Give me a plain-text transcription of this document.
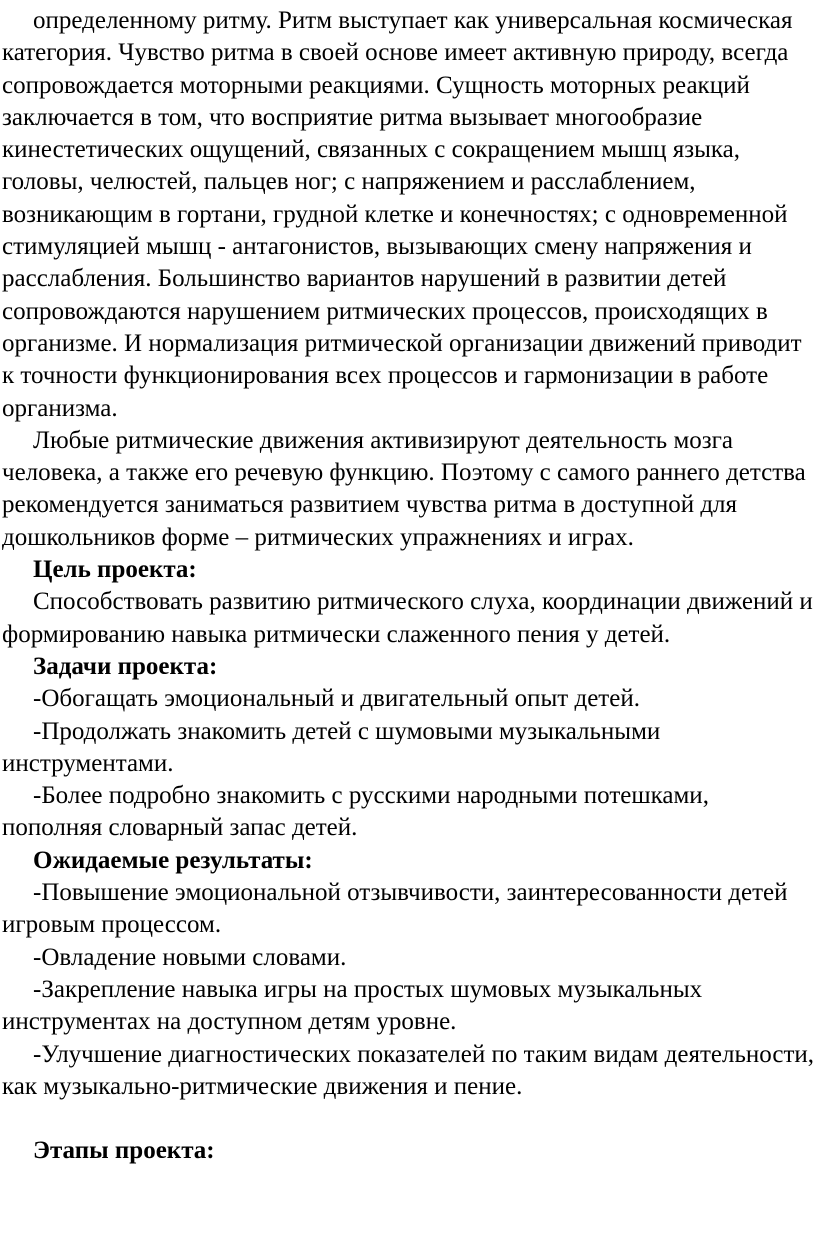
определенному ритму. Ритм выступает как универсальная космическая категория. Чувство ритма в своей основе имеет активную природу, всегда сопровождается моторными реакциями. Сущность моторных реакций заключается в том, что восприятие ритма вызывает многообразие кинестетических ощущений, связанных с сокращением мышц языка, головы, челюстей, пальцев ног; с напряжением и расслаблением, возникающим в гортани, грудной клетке и конечностях; с одновременной стимуляцией мышц - антагонистов, вызывающих смену напряжения и расслабления. Большинство вариантов нарушений в развитии детей сопровождаются нарушением ритмических процессов, происходящих в организме. И нормализация ритмической организации движений приводит к точности функционирования всех процессов и гармонизации в работе организма.

Любые ритмические движения активизируют деятельность мозга человека, а также его речевую функцию. Поэтому с самого раннего детства рекомендуется заниматься развитием чувства ритма в доступной для дошкольников форме – ритмических упражнениях и играх.

Цель проекта:

Способствовать развитию ритмического слуха, координации движений и формированию навыка ритмически слаженного пения у детей.

Задачи проекта:

-Обогащать эмоциональный и двигательный опыт детей.

-Продолжать знакомить детей с шумовыми музыкальными инструментами.

-Более подробно знакомить с русскими народными потешками, пополняя словарный запас детей.

Ожидаемые результаты:

-Повышение эмоциональной отзывчивости, заинтересованности детей игровым процессом.

-Овладение новыми словами.

-Закрепление навыка игры на простых шумовых музыкальных инструментах на доступном детям уровне.

-Улучшение диагностических показателей по таким видам деятельности, как музыкально-ритмические движения и пение.

Этапы проекта:
